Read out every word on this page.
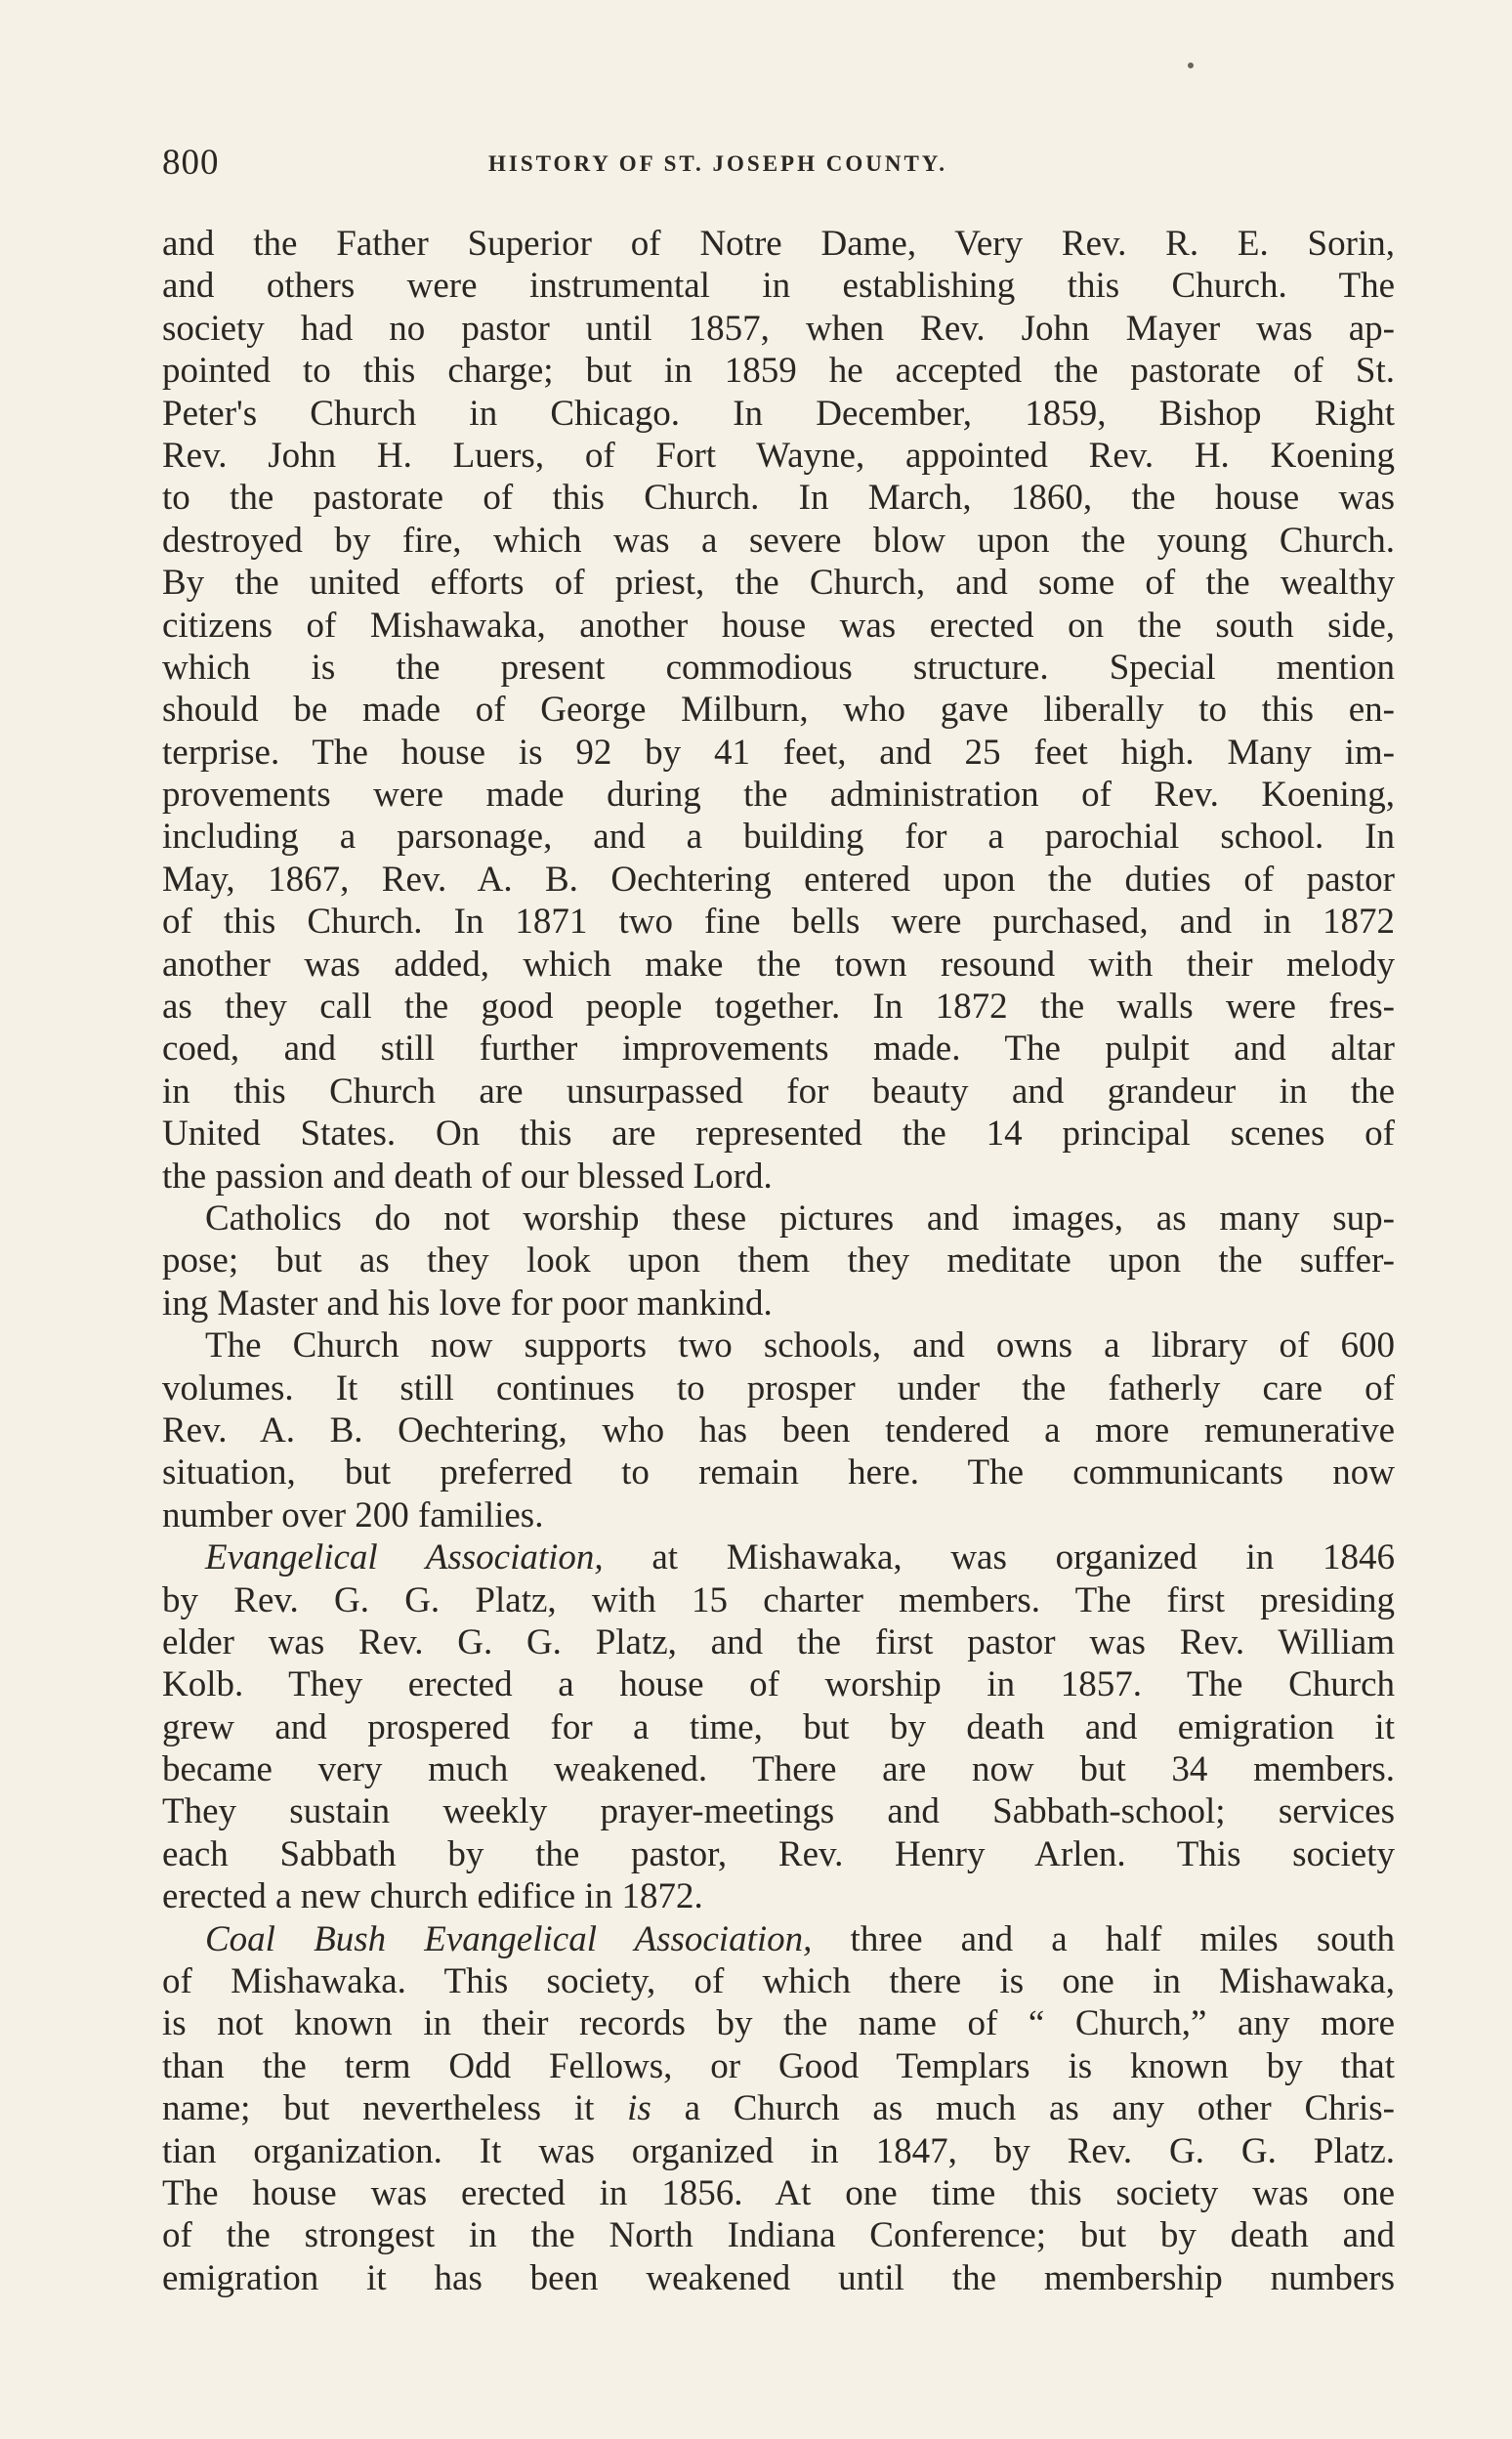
800	HISTORY OF ST. JOSEPH COUNTY.
and the Father Superior of Notre Dame, Very Rev. R. E. Sorin,
and others were instrumental in establishing this Church. The
society had no pastor until 1857, when Rev. John Mayer was ap-
pointed to this charge; but in 1859 he accepted the pastorate of St.
Peter's Church in Chicago. In December, 1859, Bishop Right
Rev. John H. Luers, of Fort Wayne, appointed Rev. H. Koening
to the pastorate of this Church. In March, 1860, the house was
destroyed by fire, which was a severe blow upon the young Church.
By the united efforts of priest, the Church, and some of the wealthy
citizens of Mishawaka, another house was erected on the south side,
which is the present commodious structure. Special mention
should be made of George Milburn, who gave liberally to this en-
terprise. The house is 92 by 41 feet, and 25 feet high. Many im-
provements were made during the administration of Rev. Koening,
including a parsonage, and a building for a parochial school. In
May, 1867, Rev. A. B. Oechtering entered upon the duties of pastor
of this Church. In 1871 two fine bells were purchased, and in 1872
another was added, which make the town resound with their melody
as they call the good people together. In 1872 the walls were fres-
coed, and still further improvements made. The pulpit and altar
in this Church are unsurpassed for beauty and grandeur in the
United States. On this are represented the 14 principal scenes of
the passion and death of our blessed Lord.
Catholics do not worship these pictures and images, as many sup-
pose; but as they look upon them they meditate upon the suffer-
ing Master and his love for poor mankind.
The Church now supports two schools, and owns a library of 600
volumes. It still continues to prosper under the fatherly care of
Rev. A. B. Oechtering, who has been tendered a more remunerative
situation, but preferred to remain here. The communicants now
number over 200 families.
Evangelical Association, at Mishawaka, was organized in 1846
by Rev. G. G. Platz, with 15 charter members. The first presiding
elder was Rev. G. G. Platz, and the first pastor was Rev. William
Kolb. They erected a house of worship in 1857. The Church
grew and prospered for a time, but by death and emigration it
became very much weakened. There are now but 34 members.
They sustain weekly prayer-meetings and Sabbath-school; services
each Sabbath by the pastor, Rev. Henry Arlen. This society
erected a new church edifice in 1872.
Coal Bush Evangelical Association, three and a half miles south
of Mishawaka. This society, of which there is one in Mishawaka,
is not known in their records by the name of “ Church,” any more
than the term Odd Fellows, or Good Templars is known by that
name; but nevertheless it is a Church as much as any other Chris-
tian organization. It was organized in 1847, by Rev. G. G. Platz.
The house was erected in 1856. At one time this society was one
of the strongest in the North Indiana Conference; but by death and
emigration it has been weakened until the membership numbers
